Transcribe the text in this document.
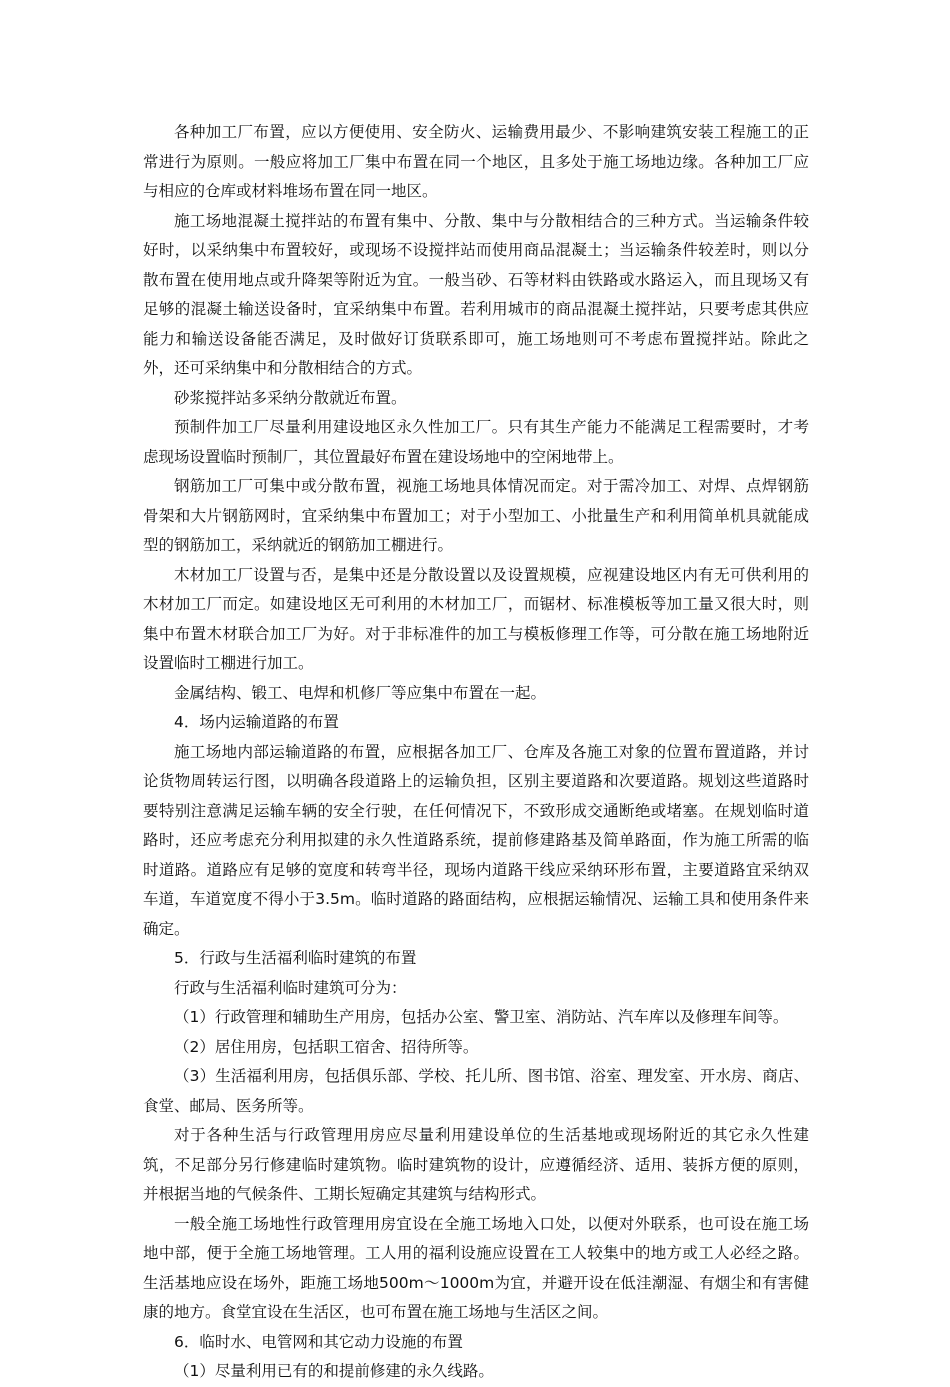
各种加工厂布置，应以方便使用、安全防火、运输费用最少、不影响建筑安装工程施工的正常进行为原则。一般应将加工厂集中布置在同一个地区，且多处于施工场地边缘。各种加工厂应与相应的仓库或材料堆场布置在同一地区。

施工场地混凝土搅拌站的布置有集中、分散、集中与分散相结合的三种方式。当运输条件较好时，以采纳集中布置较好，或现场不设搅拌站而使用商品混凝土；当运输条件较差时，则以分散布置在使用地点或升降架等附近为宜。一般当砂、石等材料由铁路或水路运入，而且现场又有足够的混凝土输送设备时，宜采纳集中布置。若利用城市的商品混凝土搅拌站，只要考虑其供应能力和输送设备能否满足，及时做好订货联系即可，施工场地则可不考虑布置搅拌站。除此之外，还可采纳集中和分散相结合的方式。

砂浆搅拌站多采纳分散就近布置。

预制件加工厂尽量利用建设地区永久性加工厂。只有其生产能力不能满足工程需要时，才考虑现场设置临时预制厂，其位置最好布置在建设场地中的空闲地带上。

钢筋加工厂可集中或分散布置，视施工场地具体情况而定。对于需冷加工、对焊、点焊钢筋骨架和大片钢筋网时，宜采纳集中布置加工；对于小型加工、小批量生产和利用简单机具就能成型的钢筋加工，采纳就近的钢筋加工棚进行。

木材加工厂设置与否，是集中还是分散设置以及设置规模，应视建设地区内有无可供利用的木材加工厂而定。如建设地区无可利用的木材加工厂，而锯材、标准模板等加工量又很大时，则集中布置木材联合加工厂为好。对于非标准件的加工与模板修理工作等，可分散在施工场地附近设置临时工棚进行加工。

金属结构、锻工、电焊和机修厂等应集中布置在一起。

4．场内运输道路的布置

施工场地内部运输道路的布置，应根据各加工厂、仓库及各施工对象的位置布置道路，并讨论货物周转运行图，以明确各段道路上的运输负担，区别主要道路和次要道路。规划这些道路时要特别注意满足运输车辆的安全行驶，在任何情况下，不致形成交通断绝或堵塞。在规划临时道路时，还应考虑充分利用拟建的永久性道路系统，提前修建路基及简单路面，作为施工所需的临时道路。道路应有足够的宽度和转弯半径，现场内道路干线应采纳环形布置，主要道路宜采纳双车道，车道宽度不得小于3.5m。临时道路的路面结构，应根据运输情况、运输工具和使用条件来确定。

5．行政与生活福利临时建筑的布置

行政与生活福利临时建筑可分为：

（1）行政管理和辅助生产用房，包括办公室、警卫室、消防站、汽车库以及修理车间等。

（2）居住用房，包括职工宿舍、招待所等。

（3）生活福利用房，包括俱乐部、学校、托儿所、图书馆、浴室、理发室、开水房、商店、食堂、邮局、医务所等。

对于各种生活与行政管理用房应尽量利用建设单位的生活基地或现场附近的其它永久性建筑，不足部分另行修建临时建筑物。临时建筑物的设计，应遵循经济、适用、装拆方便的原则，并根据当地的气候条件、工期长短确定其建筑与结构形式。

一般全施工场地性行政管理用房宜设在全施工场地入口处，以便对外联系，也可设在施工场地中部，便于全施工场地管理。工人用的福利设施应设置在工人较集中的地方或工人必经之路。生活基地应设在场外，距施工场地500m～1000m为宜，并避开设在低洼潮湿、有烟尘和有害健康的地方。食堂宜设在生活区，也可布置在施工场地与生活区之间。

6．临时水、电管网和其它动力设施的布置

（1）尽量利用已有的和提前修建的永久线路。
